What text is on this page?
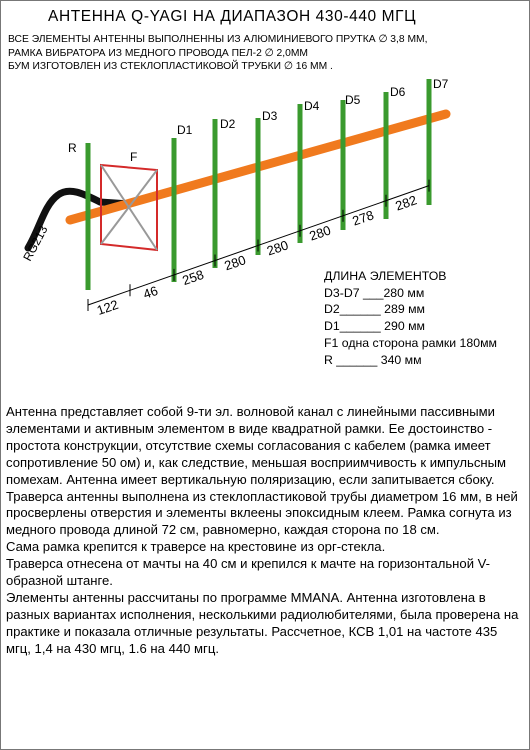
АНТЕННА Q-YAGI НА ДИАПАЗОН 430-440 МГЦ
ВСЕ ЭЛЕМЕНТЫ АНТЕННЫ ВЫПОЛНЕННЫ ИЗ АЛЮМИНИЕВОГО ПРУТКА ∅ 3,8 ММ,
РАМКА ВИБРАТОРА ИЗ МЕДНОГО ПРОВОДА ПЕЛ-2 ∅ 2,0ММ
БУМ ИЗГОТОВЛЕН ИЗ СТЕКЛОПЛАСТИКОВОЙ ТРУБКИ ∅ 16 ММ .
RG213
R
D1 D2
D3
D4 D5
D6
D7
F
122
46
258
280
280
280
278
282
ДЛИНА ЭЛЕМЕНТОВ
D3-D7 ___280 мм
D2______ 289 мм
D1______ 290 мм
F1 одна сторона рамки 180мм
R ______ 340 мм

Антенна представляет собой 9-ти эл. волновой канал с линейными пассивными элементами и активным элементом в виде квадратной рамки. Ее достоинство - простота конструкции, отсутствие схемы согласования с кабелем (рамка имеет сопротивление 50 ом) и, как следствие, меньшая восприимчивость к импульсным помехам. Антенна имеет вертикальную поляризацию, если запитывается сбоку.

Траверса антенны выполнена из стеклопластиковой трубы диаметром 16 мм, в ней просверлены отверстия и элементы вклеены эпоксидным клеем. Рамка согнута из медного провода длиной 72 см, равномерно, каждая сторона по 18 см.

Сама рамка крепится к траверсе на крестовине из орг-стекла.

Траверса отнесена от мачты на 40 см и крепился к мачте на горизонтальной V-образной штанге.

Элементы антенны рассчитаны по программе MMANA. Антенна изготовлена в разных вариантах исполнения, несколькими радиолюбителями, была проверена на практике и показала отличные результаты. Рассчетное, КСВ 1,01 на частоте 435 мгц, 1,4 на 430 мгц, 1.6 на 440 мгц.
